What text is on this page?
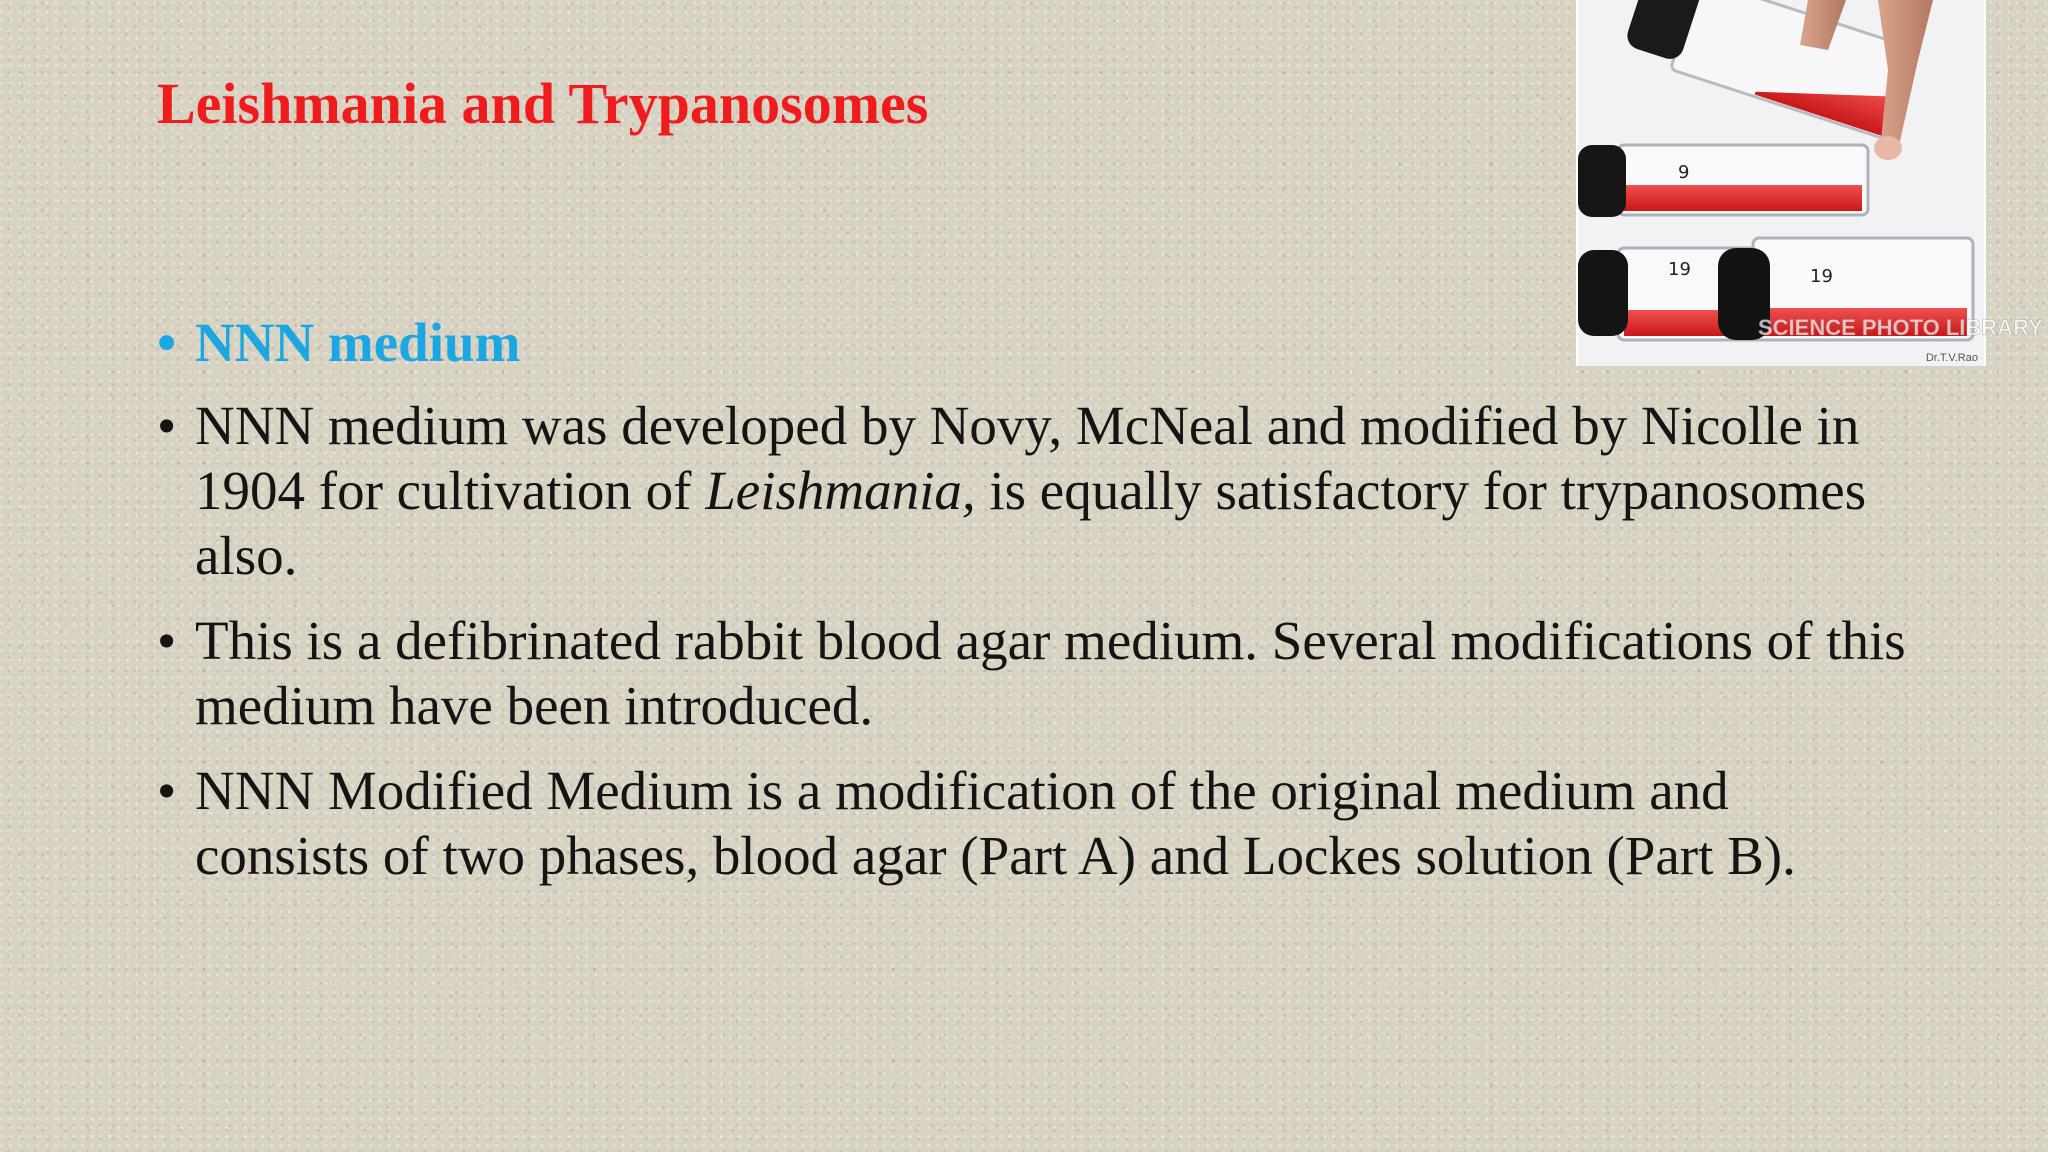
Leishmania and Trypanosomes
9
19	19
SCIENCE PHOTO LIBRARY
Dr.T.V.Rao
• NNN medium
• NNN medium was developed by Novy, McNeal and modified by Nicolle in 1904 for cultivation of Leishmania, is equally satisfactory for trypanosomes also.
• This is a defibrinated rabbit blood agar medium. Several modifications of this medium have been introduced.
• NNN Modified Medium is a modification of the original medium and consists of two phases, blood agar (Part A) and Lockes solution (Part B).
